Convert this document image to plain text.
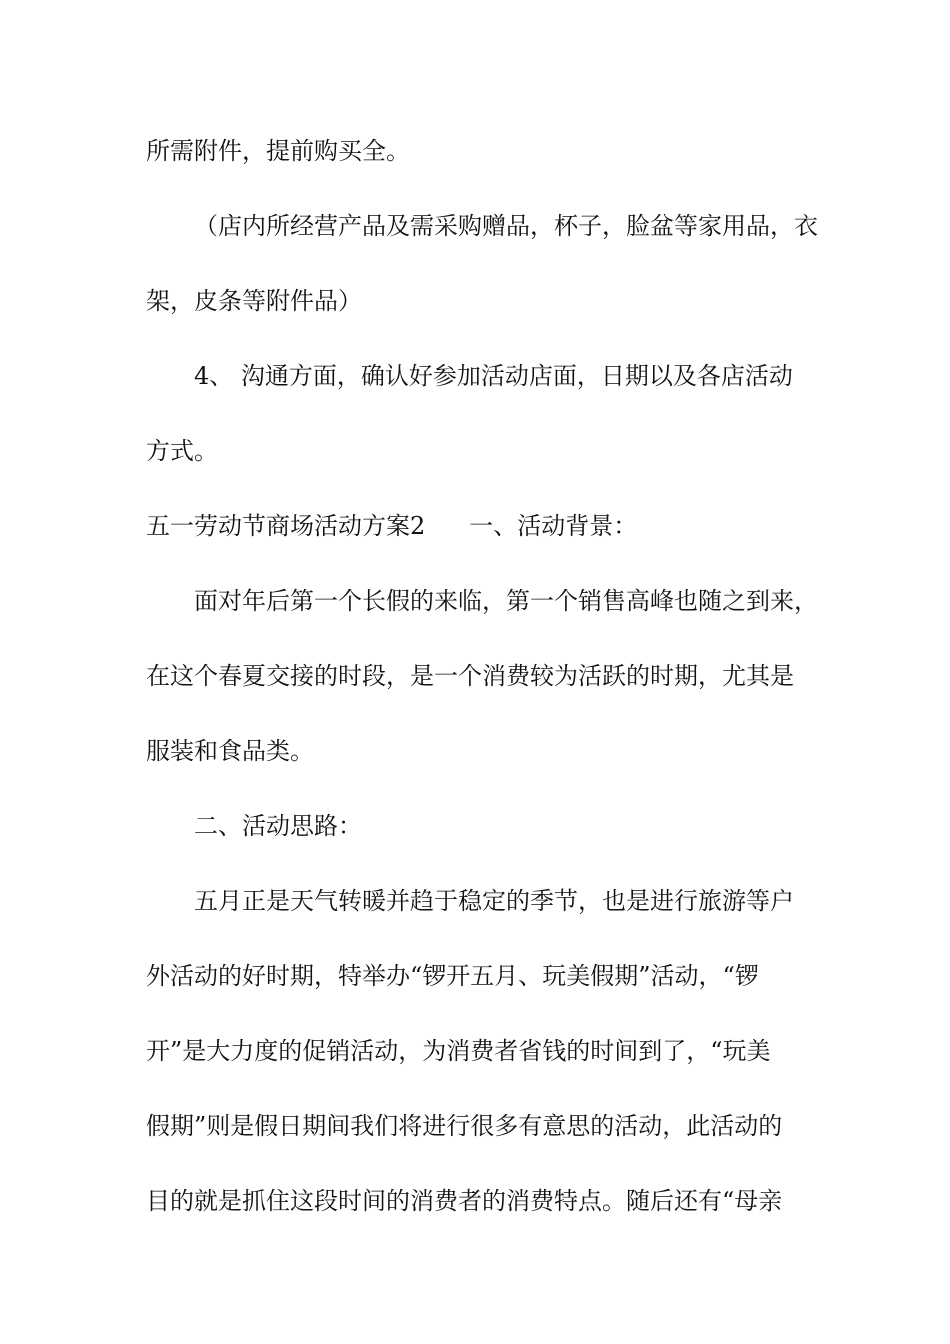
所需附件，提前购买全。
（店内所经营产品及需采购赠品，杯子，脸盆等家用品，衣
架，皮条等附件品）
4、 沟通方面，确认好参加活动店面，日期以及各店活动
方式。
五一劳动节商场活动方案2 一、活动背景：
面对年后第一个长假的来临，第一个销售高峰也随之到来，
在这个春夏交接的时段，是一个消费较为活跃的时期，尤其是
服装和食品类。
二、活动思路：
五月正是天气转暖并趋于稳定的季节，也是进行旅游等户
外活动的好时期，特举办“锣开五月、玩美假期”活动，“锣
开”是大力度的促销活动，为消费者省钱的时间到了，“玩美
假期”则是假日期间我们将进行很多有意思的活动，此活动的
目的就是抓住这段时间的消费者的消费特点。随后还有“母亲
